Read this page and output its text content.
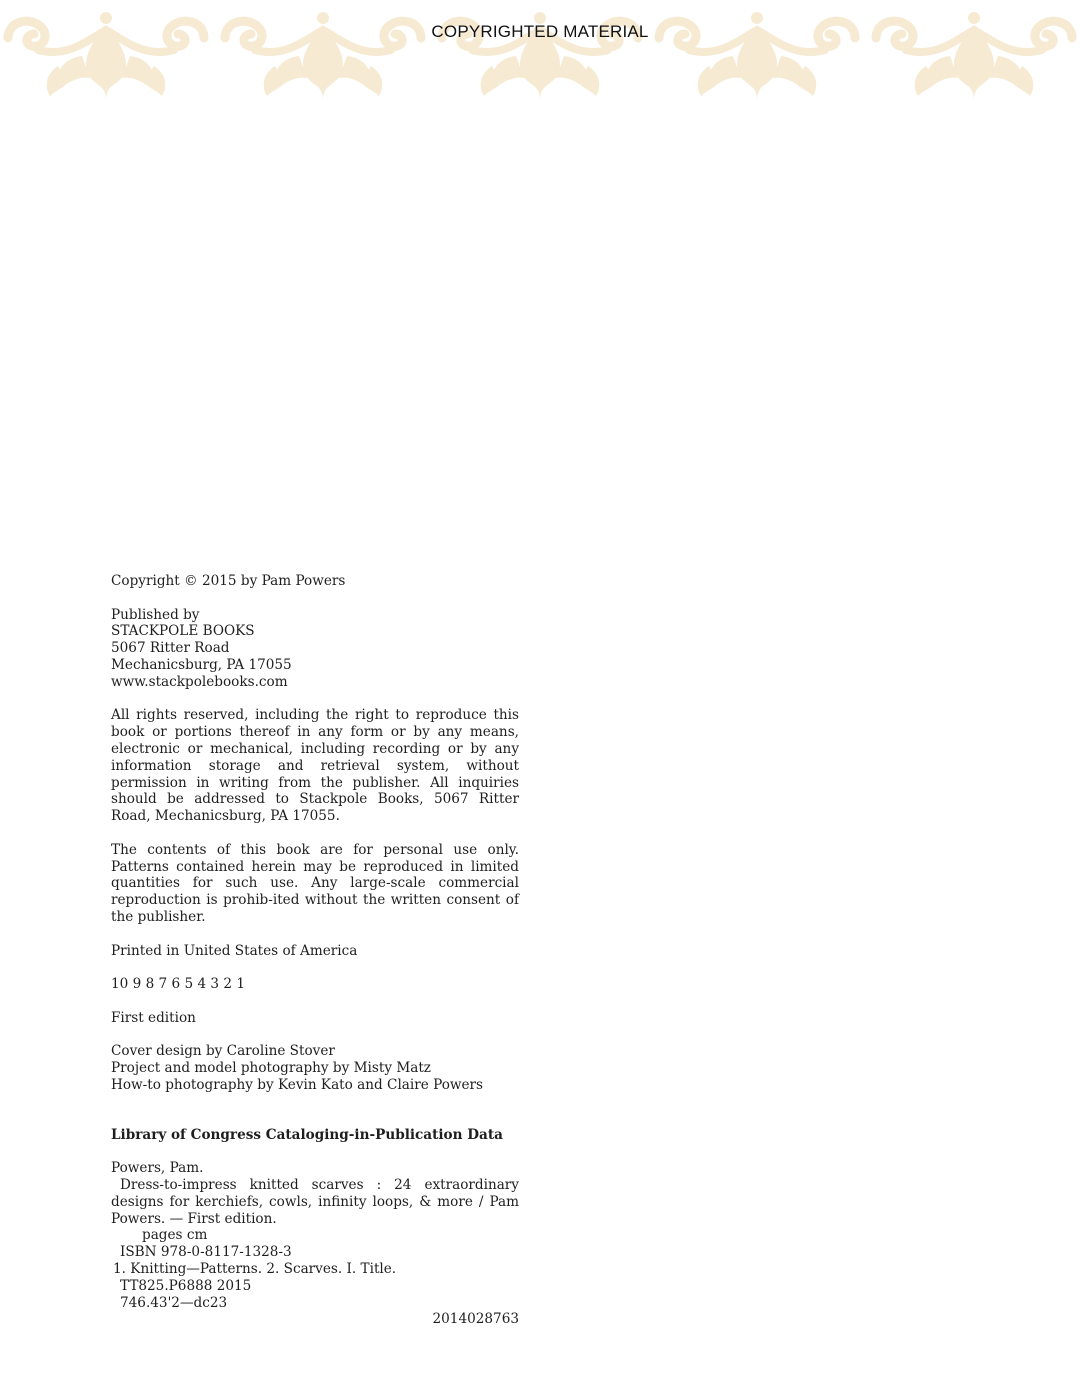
COPYRIGHTED MATERIAL
Copyright © 2015 by Pam Powers
Published by
STACKPOLE BOOKS
5067 Ritter Road
Mechanicsburg, PA 17055
www.stackpolebooks.com
All rights reserved, including the right to reproduce this book or portions thereof in any form or by any means, electronic or mechanical, including recording or by any information storage and retrieval system, without permission in writing from the publisher. All inquiries should be addressed to Stackpole Books, 5067 Ritter Road, Mechanicsburg, PA 17055.
The contents of this book are for personal use only. Patterns contained herein may be reproduced in limited quantities for such use. Any large-scale commercial reproduction is prohib-ited without the written consent of the publisher.
Printed in United States of America
10 9 8 7 6 5 4 3 2 1
First edition
Cover design by Caroline Stover
Project and model photography by Misty Matz
How-to photography by Kevin Kato and Claire Powers
Library of Congress Cataloging-in-Publication Data
Powers, Pam.
Dress-to-impress knitted scarves : 24 extraordinary designs for kerchiefs, cowls, infinity loops, & more / Pam Powers. — First edition.
pages cm
ISBN 978-0-8117-1328-3
1. Knitting—Patterns. 2. Scarves. I. Title.
TT825.P6888 2015
746.43'2—dc23
2014028763
